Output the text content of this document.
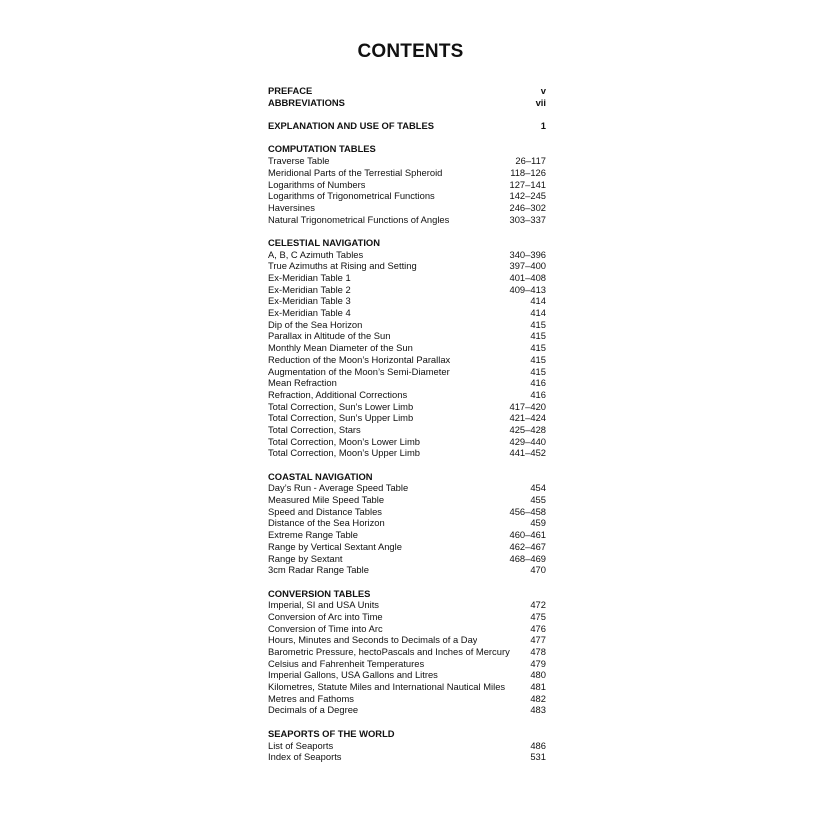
CONTENTS
PREFACE	v
ABBREVIATIONS	vii
EXPLANATION AND USE OF TABLES	1
COMPUTATION TABLES
Traverse Table	26–117
Meridional Parts of the Terrestial Spheroid	118–126
Logarithms of Numbers	127–141
Logarithms of Trigonometrical Functions	142–245
Haversines	246–302
Natural Trigonometrical Functions of Angles	303–337
CELESTIAL NAVIGATION
A, B, C Azimuth Tables	340–396
True Azimuths at Rising and Setting	397–400
Ex-Meridian Table 1	401–408
Ex-Meridian Table 2	409–413
Ex-Meridian Table 3	414
Ex-Meridian Table 4	414
Dip of the Sea Horizon	415
Parallax in Altitude of the Sun	415
Monthly Mean Diameter of the Sun	415
Reduction of the Moon’s Horizontal Parallax	415
Augmentation of the Moon’s Semi-Diameter	415
Mean Refraction	416
Refraction, Additional Corrections	416
Total Correction, Sun’s Lower Limb	417–420
Total Correction, Sun’s Upper Limb	421–424
Total Correction, Stars	425–428
Total Correction, Moon’s Lower Limb	429–440
Total Correction, Moon’s Upper Limb	441–452
COASTAL NAVIGATION
Day’s Run - Average Speed Table	454
Measured Mile Speed Table	455
Speed and Distance Tables	456–458
Distance of the Sea Horizon	459
Extreme Range Table	460–461
Range by Vertical Sextant Angle	462–467
Range by Sextant	468–469
3cm Radar Range Table	470
CONVERSION TABLES
Imperial, SI and USA Units	472
Conversion of Arc into Time	475
Conversion of Time into Arc	476
Hours, Minutes and Seconds to Decimals of a Day	477
Barometric Pressure, hectoPascals and Inches of Mercury	478
Celsius and Fahrenheit Temperatures	479
Imperial Gallons, USA Gallons and Litres	480
Kilometres, Statute Miles and International Nautical Miles	481
Metres and Fathoms	482
Decimals of a Degree	483
SEAPORTS OF THE WORLD
List of Seaports	486
Index of Seaports	531
